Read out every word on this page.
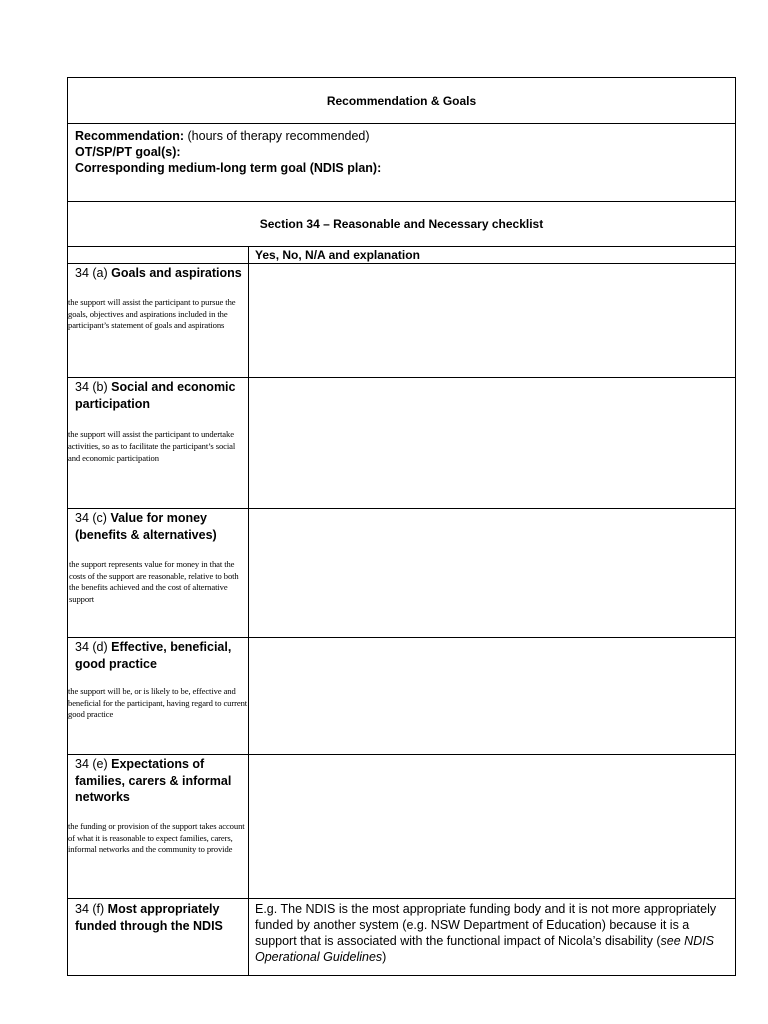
Recommendation & Goals
Recommendation: (hours of therapy recommended)
OT/SP/PT goal(s):
Corresponding medium-long term goal (NDIS plan):
Section 34 – Reasonable and Necessary checklist
Yes, No, N/A and explanation
34 (a) Goals and aspirations
the support will assist the participant to pursue the goals, objectives and aspirations included in the participant’s statement of goals and aspirations
34 (b) Social and economic participation
the support will assist the participant to undertake activities, so as to facilitate the participant’s social and economic participation
34 (c) Value for money (benefits & alternatives)
the support represents value for money in that the costs of the support are reasonable, relative to both the benefits achieved and the cost of alternative support
34 (d) Effective, beneficial, good practice
the support will be, or is likely to be, effective and beneficial for the participant, having regard to current good practice
34 (e) Expectations of families, carers & informal networks
the funding or provision of the support takes account of what it is reasonable to expect families, carers, informal networks and the community to provide
34 (f) Most appropriately funded through the NDIS
E.g. The NDIS is the most appropriate funding body and it is not more appropriately funded by another system (e.g. NSW Department of Education) because it is a support that is associated with the functional impact of Nicola’s disability (see NDIS Operational Guidelines)
